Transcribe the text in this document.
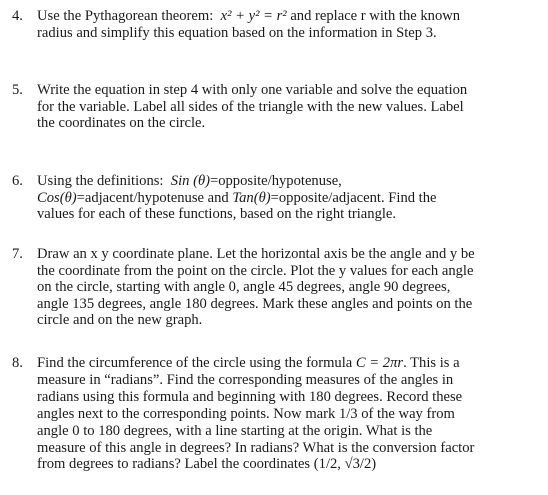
4. Use the Pythagorean theorem: x² + y² = r² and replace r with the known
radius and simplify this equation based on the information in Step 3.
5. Write the equation in step 4 with only one variable and solve the equation
for the variable. Label all sides of the triangle with the new values. Label
the coordinates on the circle.
6. Using the definitions: Sin (θ)=opposite/hypotenuse,
Cos(θ)=adjacent/hypotenuse and Tan(θ)=opposite/adjacent. Find the
values for each of these functions, based on the right triangle.
7. Draw an x y coordinate plane. Let the horizontal axis be the angle and y be
the coordinate from the point on the circle. Plot the y values for each angle
on the circle, starting with angle 0, angle 45 degrees, angle 90 degrees,
angle 135 degrees, angle 180 degrees. Mark these angles and points on the
circle and on the new graph.
8. Find the circumference of the circle using the formula C = 2πr. This is a
measure in “radians”. Find the corresponding measures of the angles in
radians using this formula and beginning with 180 degrees. Record these
angles next to the corresponding points. Now mark 1/3 of the way from
angle 0 to 180 degrees, with a line starting at the origin. What is the
measure of this angle in degrees? In radians? What is the conversion factor
from degrees to radians? Label the coordinates (1/2, √3/2)
